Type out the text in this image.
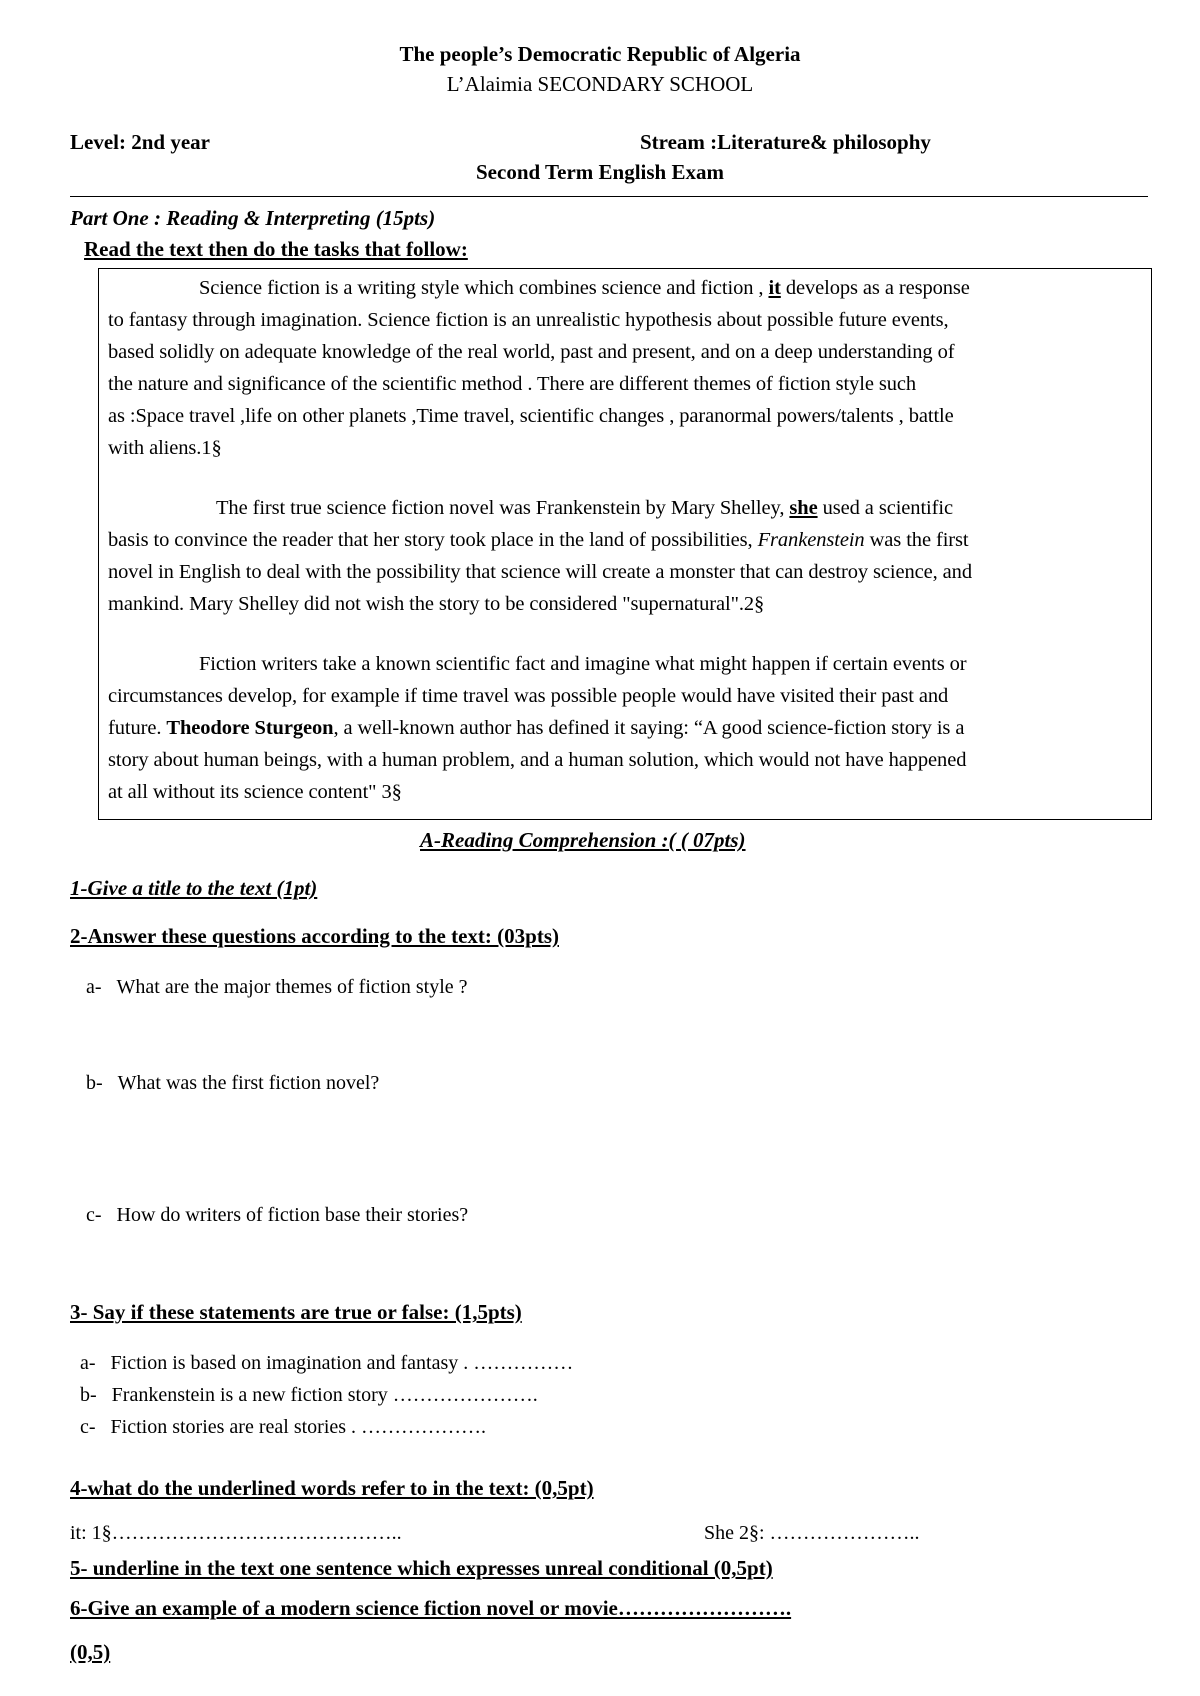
The people’s Democratic Republic of Algeria
L’Alaimia SECONDARY SCHOOL
Level: 2nd year	Stream :Literature& philosophy
Second Term English Exam
Part One : Reading & Interpreting (15pts)
Read the text then do the tasks that follow:
Science fiction is a writing style which combines science and fiction , it develops as a response
to fantasy through imagination. Science fiction is an unrealistic hypothesis about possible future events,
based solidly on adequate knowledge of the real world, past and present, and on a deep understanding of
the nature and significance of the scientific method . There are different themes of fiction style such
as :Space travel ,life on other planets ,Time travel, scientific changes , paranormal powers/talents , battle
with aliens.1§
The first true science fiction novel was Frankenstein by Mary Shelley, she used a scientific
basis to convince the reader that her story took place in the land of possibilities, Frankenstein was the first
novel in English to deal with the possibility that science will create a monster that can destroy science, and
mankind. Mary Shelley did not wish the story to be considered "supernatural".2§
Fiction writers take a known scientific fact and imagine what might happen if certain events or
circumstances develop, for example if time travel was possible people would have visited their past and
future. Theodore Sturgeon, a well-known author has defined it saying: “A good science-fiction story is a
story about human beings, with a human problem, and a human solution, which would not have happened
at all without its science content" 3§
A-Reading Comprehension :( ( 07pts)
1-Give a title to the text (1pt)
2-Answer these questions according to the text: (03pts)
a- What are the major themes of fiction style ?
b- What was the first fiction novel?
c- How do writers of fiction base their stories?
3- Say if these statements are true or false: (1,5pts)
a- Fiction is based on imagination and fantasy . ……………
b- Frankenstein is a new fiction story ………………….
c- Fiction stories are real stories . ……………….
4-what do the underlined words refer to in the text: (0,5pt)
it: 1§……………………………………..	She 2§: …………………..
5- underline in the text one sentence which expresses unreal conditional (0,5pt)
6-Give an example of a modern science fiction novel or movie…………………….
(0,5)
